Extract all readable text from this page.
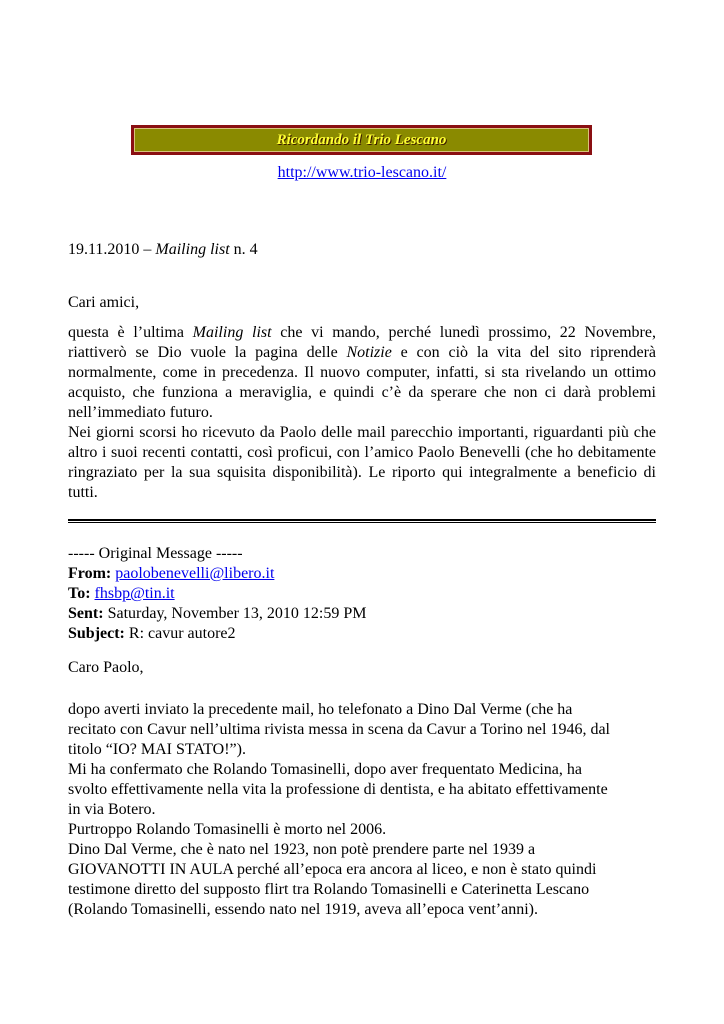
Ricordando il Trio Lescano
http://www.trio-lescano.it/
19.11.2010 – Mailing list n. 4
Cari amici,

questa è l’ultima Mailing list che vi mando, perché lunedì prossimo, 22 Novembre, riattiverò se Dio vuole la pagina delle Notizie e con ciò la vita del sito riprenderà normalmente, come in precedenza. Il nuovo computer, infatti, si sta rivelando un ottimo acquisto, che funziona a meraviglia, e quindi c’è da sperare che non ci darà problemi nell’immediato futuro.

Nei giorni scorsi ho ricevuto da Paolo delle mail parecchio importanti, riguardanti più che altro i suoi recenti contatti, così proficui, con l’amico Paolo Benevelli (che ho debitamente ringraziato per la sua squisita disponibilità). Le riporto qui integralmente a beneficio di tutti.

----- Original Message -----
From: paolobenevelli@libero.it
To: fhsbp@tin.it
Sent: Saturday, November 13, 2010 12:59 PM
Subject: R: cavur autore2
Caro Paolo,
dopo averti inviato la precedente mail, ho telefonato a Dino Dal Verme (che ha
recitato con Cavur nell’ultima rivista messa in scena da Cavur a Torino nel 1946, dal
titolo “IO? MAI STATO!”).
Mi ha confermato che Rolando Tomasinelli, dopo aver frequentato Medicina, ha
svolto effettivamente nella vita la professione di dentista, e ha abitato effettivamente
in via Botero.
Purtroppo Rolando Tomasinelli è morto nel 2006.
Dino Dal Verme, che è nato nel 1923, non potè prendere parte nel 1939 a
GIOVANOTTI IN AULA perché all’epoca era ancora al liceo, e non è stato quindi
testimone diretto del supposto flirt tra Rolando Tomasinelli e Caterinetta Lescano
(Rolando Tomasinelli, essendo nato nel 1919, aveva all’epoca vent’anni).
